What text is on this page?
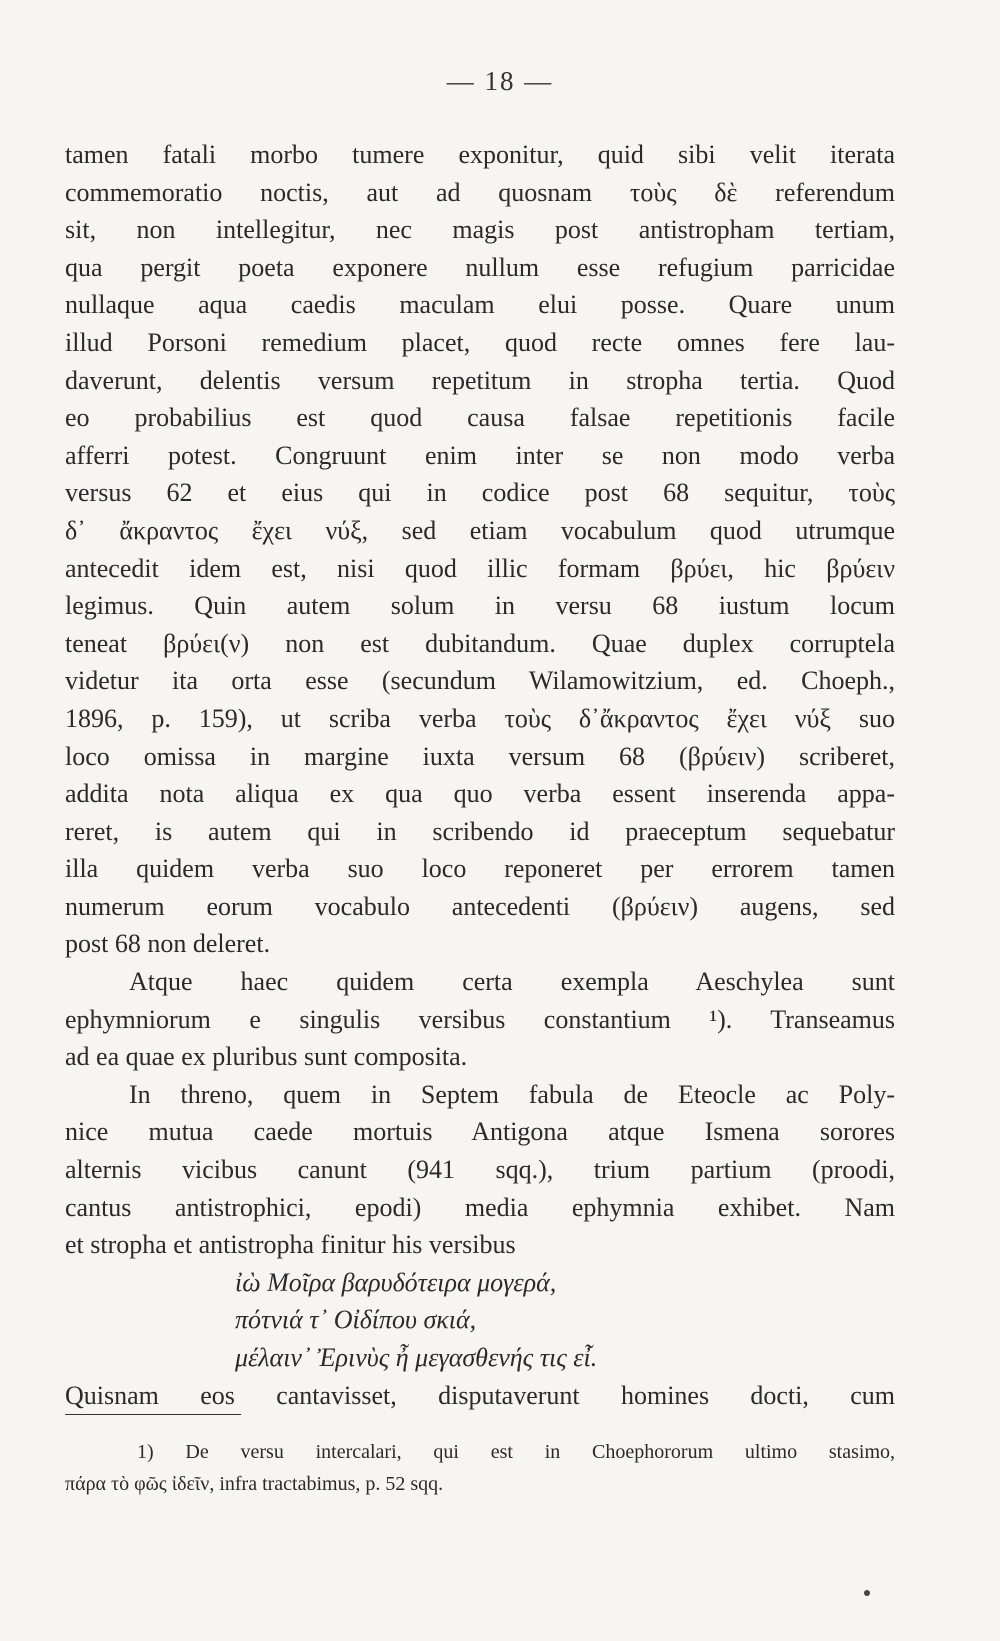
— 18 —
tamen fatali morbo tumere exponitur, quid sibi velit iterata
commemoratio noctis, aut ad quosnam τοὺς δὲ referendum
sit, non intellegitur, nec magis post antistropham tertiam,
qua pergit poeta exponere nullum esse refugium parricidae
nullaque aqua caedis maculam elui posse. Quare unum
illud Porsoni remedium placet, quod recte omnes fere lau-
daverunt, delentis versum repetitum in stropha tertia. Quod
eo probabilius est quod causa falsae repetitionis facile
afferri potest. Congruunt enim inter se non modo verba
versus 62 et eius qui in codice post 68 sequitur, τοὺς
δ᾽ ἄκραντος ἔχει νύξ, sed etiam vocabulum quod utrumque
antecedit idem est, nisi quod illic formam βρύει, hic βρύειν
legimus. Quin autem solum in versu 68 iustum locum
teneat βρύει(ν) non est dubitandum. Quae duplex corruptela
videtur ita orta esse (secundum Wilamowitzium, ed. Choeph.,
1896, p. 159), ut scriba verba τοὺς δ᾽ἄκραντος ἔχει νύξ suo
loco omissa in margine iuxta versum 68 (βρύειν) scriberet,
addita nota aliqua ex qua quo verba essent inserenda appa-
reret, is autem qui in scribendo id praeceptum sequebatur
illa quidem verba suo loco reponeret per errorem tamen
numerum eorum vocabulo antecedenti (βρύειν) augens, sed
post 68 non deleret.
Atque haec quidem certa exempla Aeschylea sunt
ephymniorum e singulis versibus constantium ¹). Transeamus
ad ea quae ex pluribus sunt composita.
In threno, quem in Septem fabula de Eteocle ac Poly-
nice mutua caede mortuis Antigona atque Ismena sorores
alternis vicibus canunt (941 sqq.), trium partium (proodi,
cantus antistrophici, epodi) media ephymnia exhibet. Nam
et stropha et antistropha finitur his versibus
ἰὼ Μοῖρα βαρυδότειρα μογερά,
πότνιά τ᾽ Οἰδίπου σκιά,
μέλαιν᾽ Ἐρινὺς ἦ μεγασθενής τις εἶ.
Quisnam eos cantavisset, disputaverunt homines docti, cum
1) De versu intercalari, qui est in Choephororum ultimo stasimo,
πάρα τὸ φῶς ἰδεῖν, infra tractabimus, p. 52 sqq.
